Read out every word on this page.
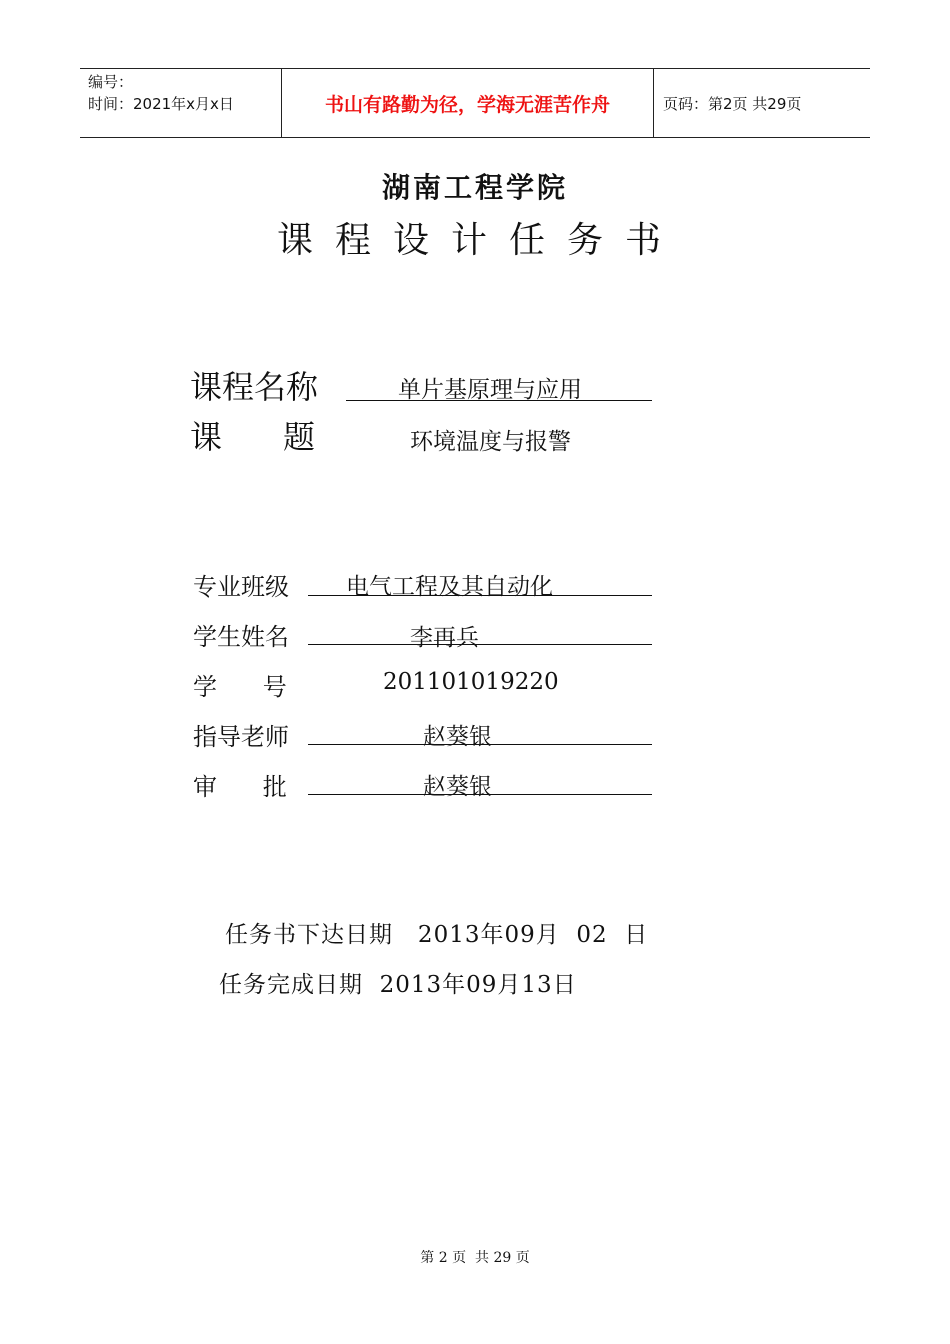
编号：
时间：2021年x月x日	书山有路勤为径，学海无涯苦作舟	页码：第2页 共29页
湖南工程学院
课程设计任务书
课程名称	单片基原理与应用
课      题	环境温度与报警
专业班级 电气工程及其自动化
学生姓名	李再兵
学      号	201101019220
指导老师	赵葵银
审      批	赵葵银
任务书下达日期   2013年09月  02  日
任务完成日期  2013年09月13日
第 2 页  共 29 页
